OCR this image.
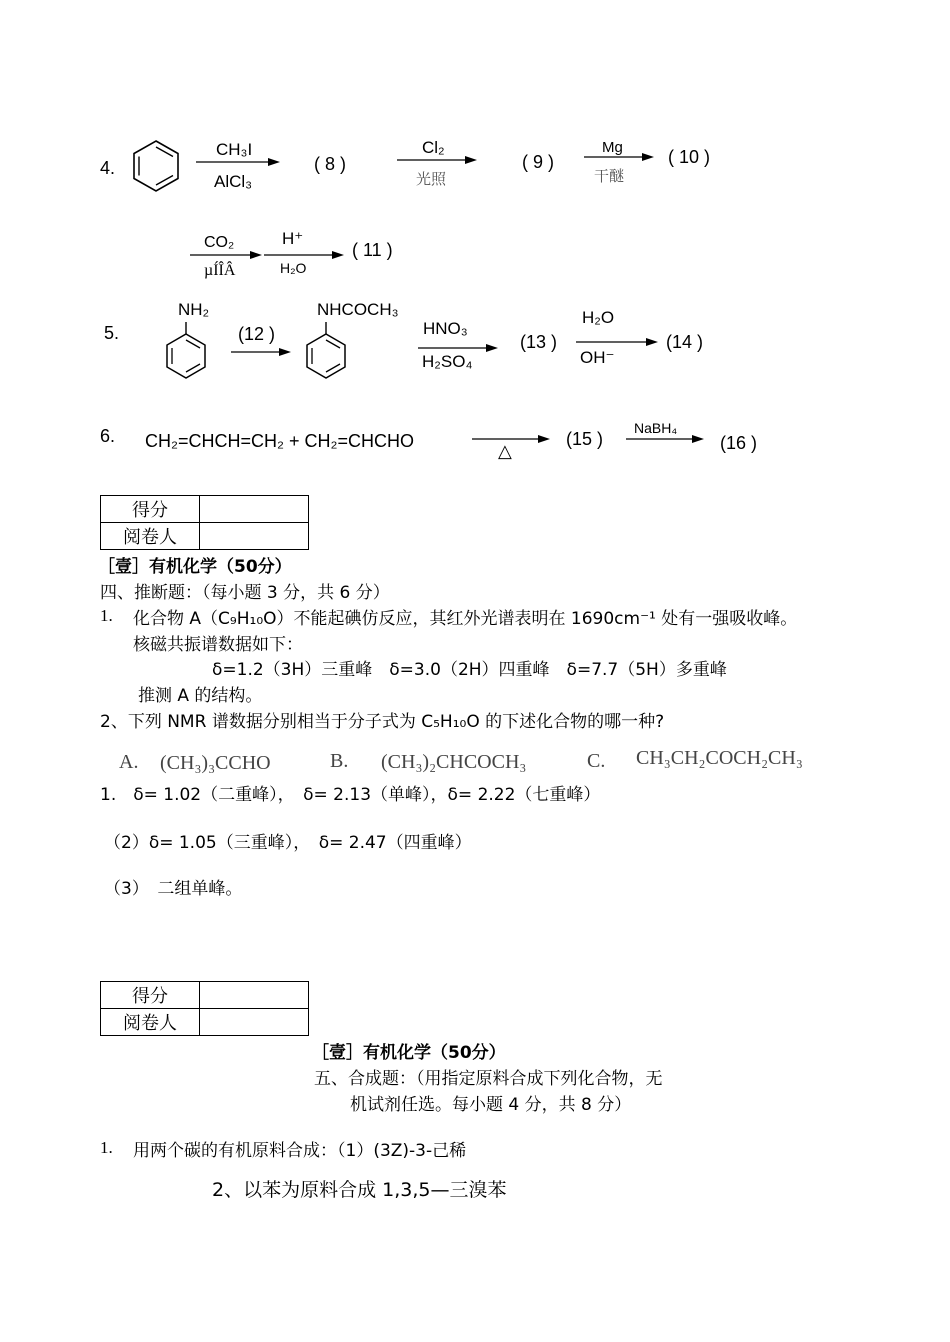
4.
CH₃I
AlCl₃
( 8 )
Cl₂
光照
( 9 )
Mg
干醚
( 10 )
CO₂
µÍÎÂ
H⁺
H₂O
( 11 )
5.
NH₂
(12 )
NHCOCH₃
HNO₃
H₂SO₄
(13 )
H₂O
OH⁻
(14 )
6. CH₂=CHCH=CH₂ + CH₂=CHCHO	△
(15 )
NaBH₄
(16 )
得分	
阅卷人	
［壹］有机化学（50分）
四、推断题：（每小题 3 分，共 6 分）
1. 化合物 A（C₉H₁₀O）不能起碘仿反应，其红外光谱表明在 1690cm⁻¹ 处有一强吸收峰。
核磁共振谱数据如下：
δ=1.2（3H）三重峰　δ=3.0（2H）四重峰　δ=7.7（5H）多重峰
推测 A 的结构。
2、下列 NMR 谱数据分别相当于分子式为 C₅H₁₀O 的下述化合物的哪一种?
A. (CH₃)₃CCHO	B. (CH₃)₂CHCOCH₃	C. CH₃CH₂COCH₂CH₃
1.　δ= 1.02（二重峰），　δ= 2.13（单峰），δ= 2.22（七重峰）
（2）δ= 1.05（三重峰），　δ= 2.47（四重峰）
（3）　二组单峰。
得分	
阅卷人	
［壹］有机化学（50分）
五、合成题：（用指定原料合成下列化合物，无
机试剂任选。每小题 4 分，共 8 分）
1. 用两个碳的有机原料合成：（1）(3Z)-3-己稀
2、以苯为原料合成 1,3,5—三溴苯
